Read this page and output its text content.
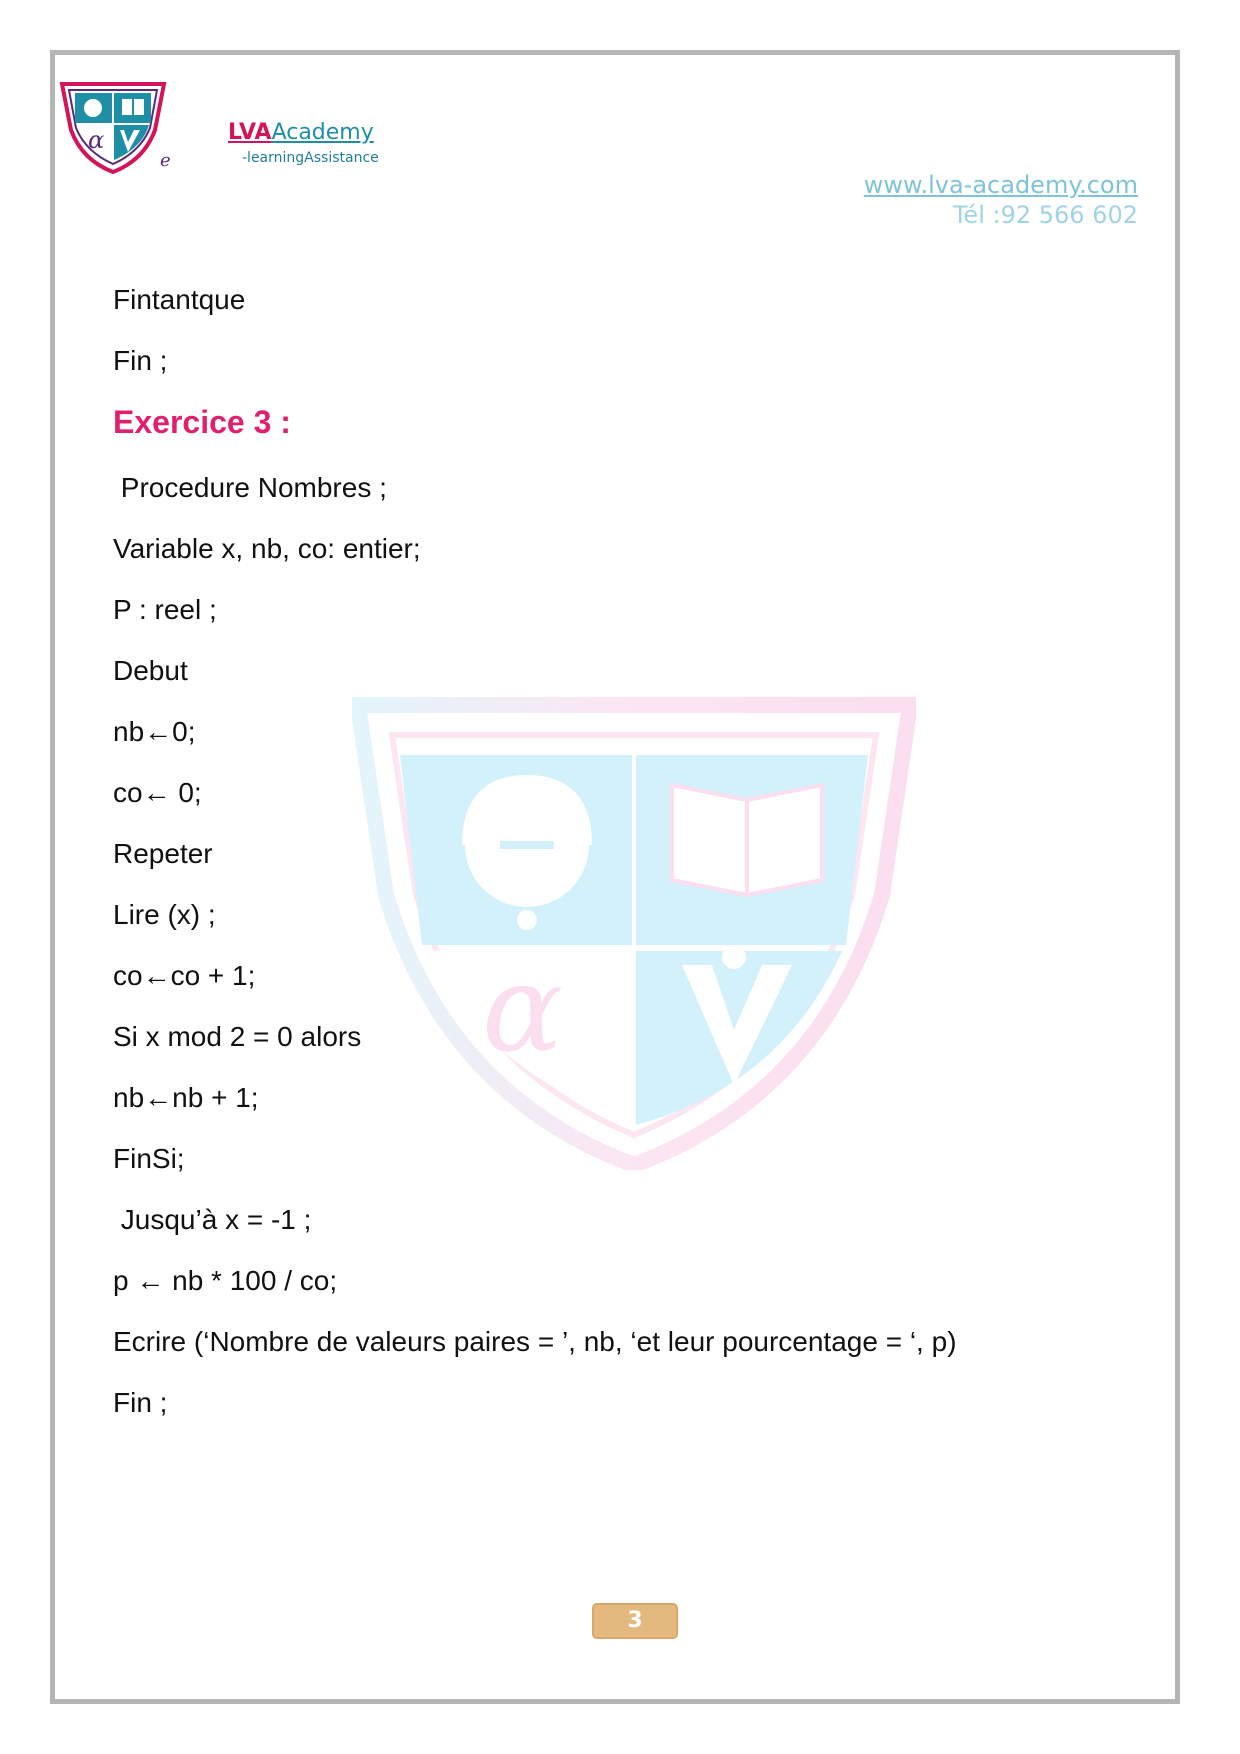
α
e
LVAAcademy
-learningAssistance
www.lva-academy.com
Tél :92 566 602
α
Fintantque
Fin ;
Exercice 3 :
Procedure Nombres ;
Variable x, nb, co: entier;
P : reel ;
Debut
nb←0;
co← 0;
Repeter
Lire (x) ;
co←co + 1;
Si x mod 2 = 0 alors
nb←nb + 1;
FinSi;
Jusqu’à x = -1 ;
p ← nb * 100 / co;
Ecrire (‘Nombre de valeurs paires = ’, nb, ‘et leur pourcentage = ‘, p)
Fin ;
3
